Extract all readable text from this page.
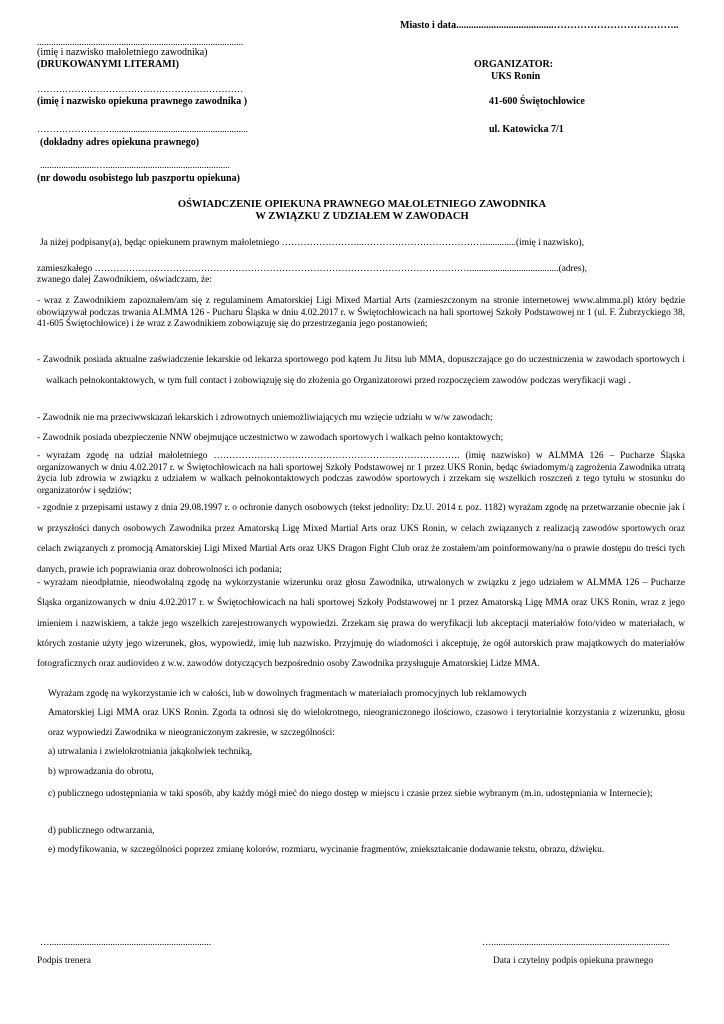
Miasto i data.......................................………………………………..
........................................................................................
(imię i nazwisko małoletniego zawodnika)
(DRUKOWANYMI LITERAMI)
…………………………………………………………
(imię i nazwisko opiekuna prawnego zawodnika )
……………………..........................................................
(dokładny adres opiekuna prawnego)
........................….....................................................
(nr dowodu osobistego lub paszportu opiekuna)
ORGANIZATOR:
UKS Ronin
41-600 Świętochłowice
ul. Katowicka 7/1
OŚWIADCZENIE OPIEKUNA PRAWNEGO MAŁOLETNIEGO ZAWODNIKA
W ZWIĄZKU Z UDZIAŁEM W ZAWODACH
Ja niżej podpisany(a), będąc opiekunem prawnym małoletniego ……………………...………………………………….............(imię i nazwisko),
zamieszkałego …………………………………………………………………………………………………………......................................(adres),
zwanego dalej Zawodnikiem, oświadczam, że:
- wraz z Zawodnikiem zapoznałem/am się z regulaminem Amatorskiej Ligi Mixed Martial Arts (zamieszczonym na stronie internetowej www.almma.pl) który będzie obowiązywał podczas trwania ALMMA 126 - Pucharu Śląska w dniu 4.02.2017 r. w Świętochłowicach na hali sportowej Szkoły Podstawowej nr 1 (ul. F. Żubrzyckiego 38, 41-605 Świętochłowice) i że wraz z Zawodnikiem zobowiązuję się do przestrzegania jego postanowień;
- Zawodnik posiada aktualne zaświadczenie lekarskie od lekarza sportowego pod kątem Ju Jitsu lub MMA, dopuszczające go do uczestniczenia w zawodach sportowych i walkach pełnokontaktowych, w tym full contact i zobowiązuję się do złożenia go Organizatorowi przed rozpoczęciem zawodów podczas weryfikacji wagi .
- Zawodnik nie ma przeciwwskazań lekarskich i zdrowotnych uniemożliwiających mu wzięcie udziału w w/w zawodach;
- Zawodnik posiada ubezpieczenie NNW obejmujące uczestnictwo w zawodach sportowych i walkach pełno kontaktowych;
- wyrażam zgodę na udział małoletniego ……………………………………………………………………. (imię nazwisko) w ALMMA 126 – Pucharze Śląska organizowanych w dniu 4.02.2017 r. w Świętochłowicach na hali sportowej Szkoły Podstawowej nr 1 przez UKS Ronin, będąc świadomym/ą zagrożenia Zawodnika utratą życia lub zdrowia w związku z udziałem w walkach pełnokontaktowych podczas zawodów sportowych i zrzekam się wszelkich roszczeń z tego tytułu w stosunku do organizatorów i sędziów;
- zgodnie z przepisami ustawy z dnia 29.08.1997 r. o ochronie danych osobowych (tekst jednolity: Dz.U. 2014 r. poz. 1182) wyrażam zgodę na przetwarzanie obecnie jak i w przyszłości danych osobowych Zawodnika przez Amatorską Ligę Mixed Martial Arts oraz UKS Ronin, w celach związanych z realizacją zawodów sportowych oraz celach związanych z promocją Amatorskiej Ligi Mixed Martial Arts oraz UKS Dragon Fight Club oraz że zostałem/am poinformowany/na o prawie dostępu do treści tych danych, prawie ich poprawiania oraz dobrowolności ich podania;
- wyrażam nieodpłatnie, nieodwołalną zgodę na wykorzystanie wizerunku oraz głosu Zawodnika, utrwalonych w związku z jego udziałem w ALMMA 126 – Pucharze Śląska organizowanych w dniu 4.02.2017 r. w Świętochłowicach na hali sportowej Szkoły Podstawowej nr 1 przez Amatorską Ligę MMA oraz UKS Ronin, wraz z jego imieniem i nazwiskiem, a także jego wszelkich zarejestrowanych wypowiedzi. Zrzekam się prawa do weryfikacji lub akceptacji materiałów foto/video w materiałach, w których zostanie użyty jego wizerunek, głos, wypowiedź, imię lub nazwisko. Przyjmuję do wiadomości i akceptuję, że ogół autorskich praw majątkowych do materiałów fotograficznych oraz audiovideo z w.w. zawodów dotyczących bezpośrednio osoby Zawodnika przysługuje Amatorskiej Lidze MMA.
Wyrażam zgodę na wykorzystanie ich w całości, lub w dowolnych fragmentach w materiałach promocyjnych lub reklamowych
Amatorskiej Ligi MMA oraz UKS Ronin. Zgoda ta odnosi się do wielokrotnego, nieograniczonego ilościowo, czasowo i terytorialnie korzystania z wizerunku, głosu oraz wypowiedzi Zawodnika w nieograniczonym zakresie, w szczególności:
a) utrwalania i zwielokrotniania jakąkolwiek techniką,
b) wprowadzania do obrotu,
c) publicznego udostępniania w taki sposób, aby każdy mógł mieć do niego dostęp w miejscu i czasie przez siebie wybranym (m.in. udostępniania w Internecie);
d) publicznego odtwarzania,
e) modyfikowania, w szczególności poprzez zmianę kolorów, rozmiaru, wycinanie fragmentów, zniekształcanie dodawanie tekstu, obrazu, dźwięku.
….....................................................................
Podpis trenera
…............................................................................
Data i czytelny podpis opiekuna prawnego
